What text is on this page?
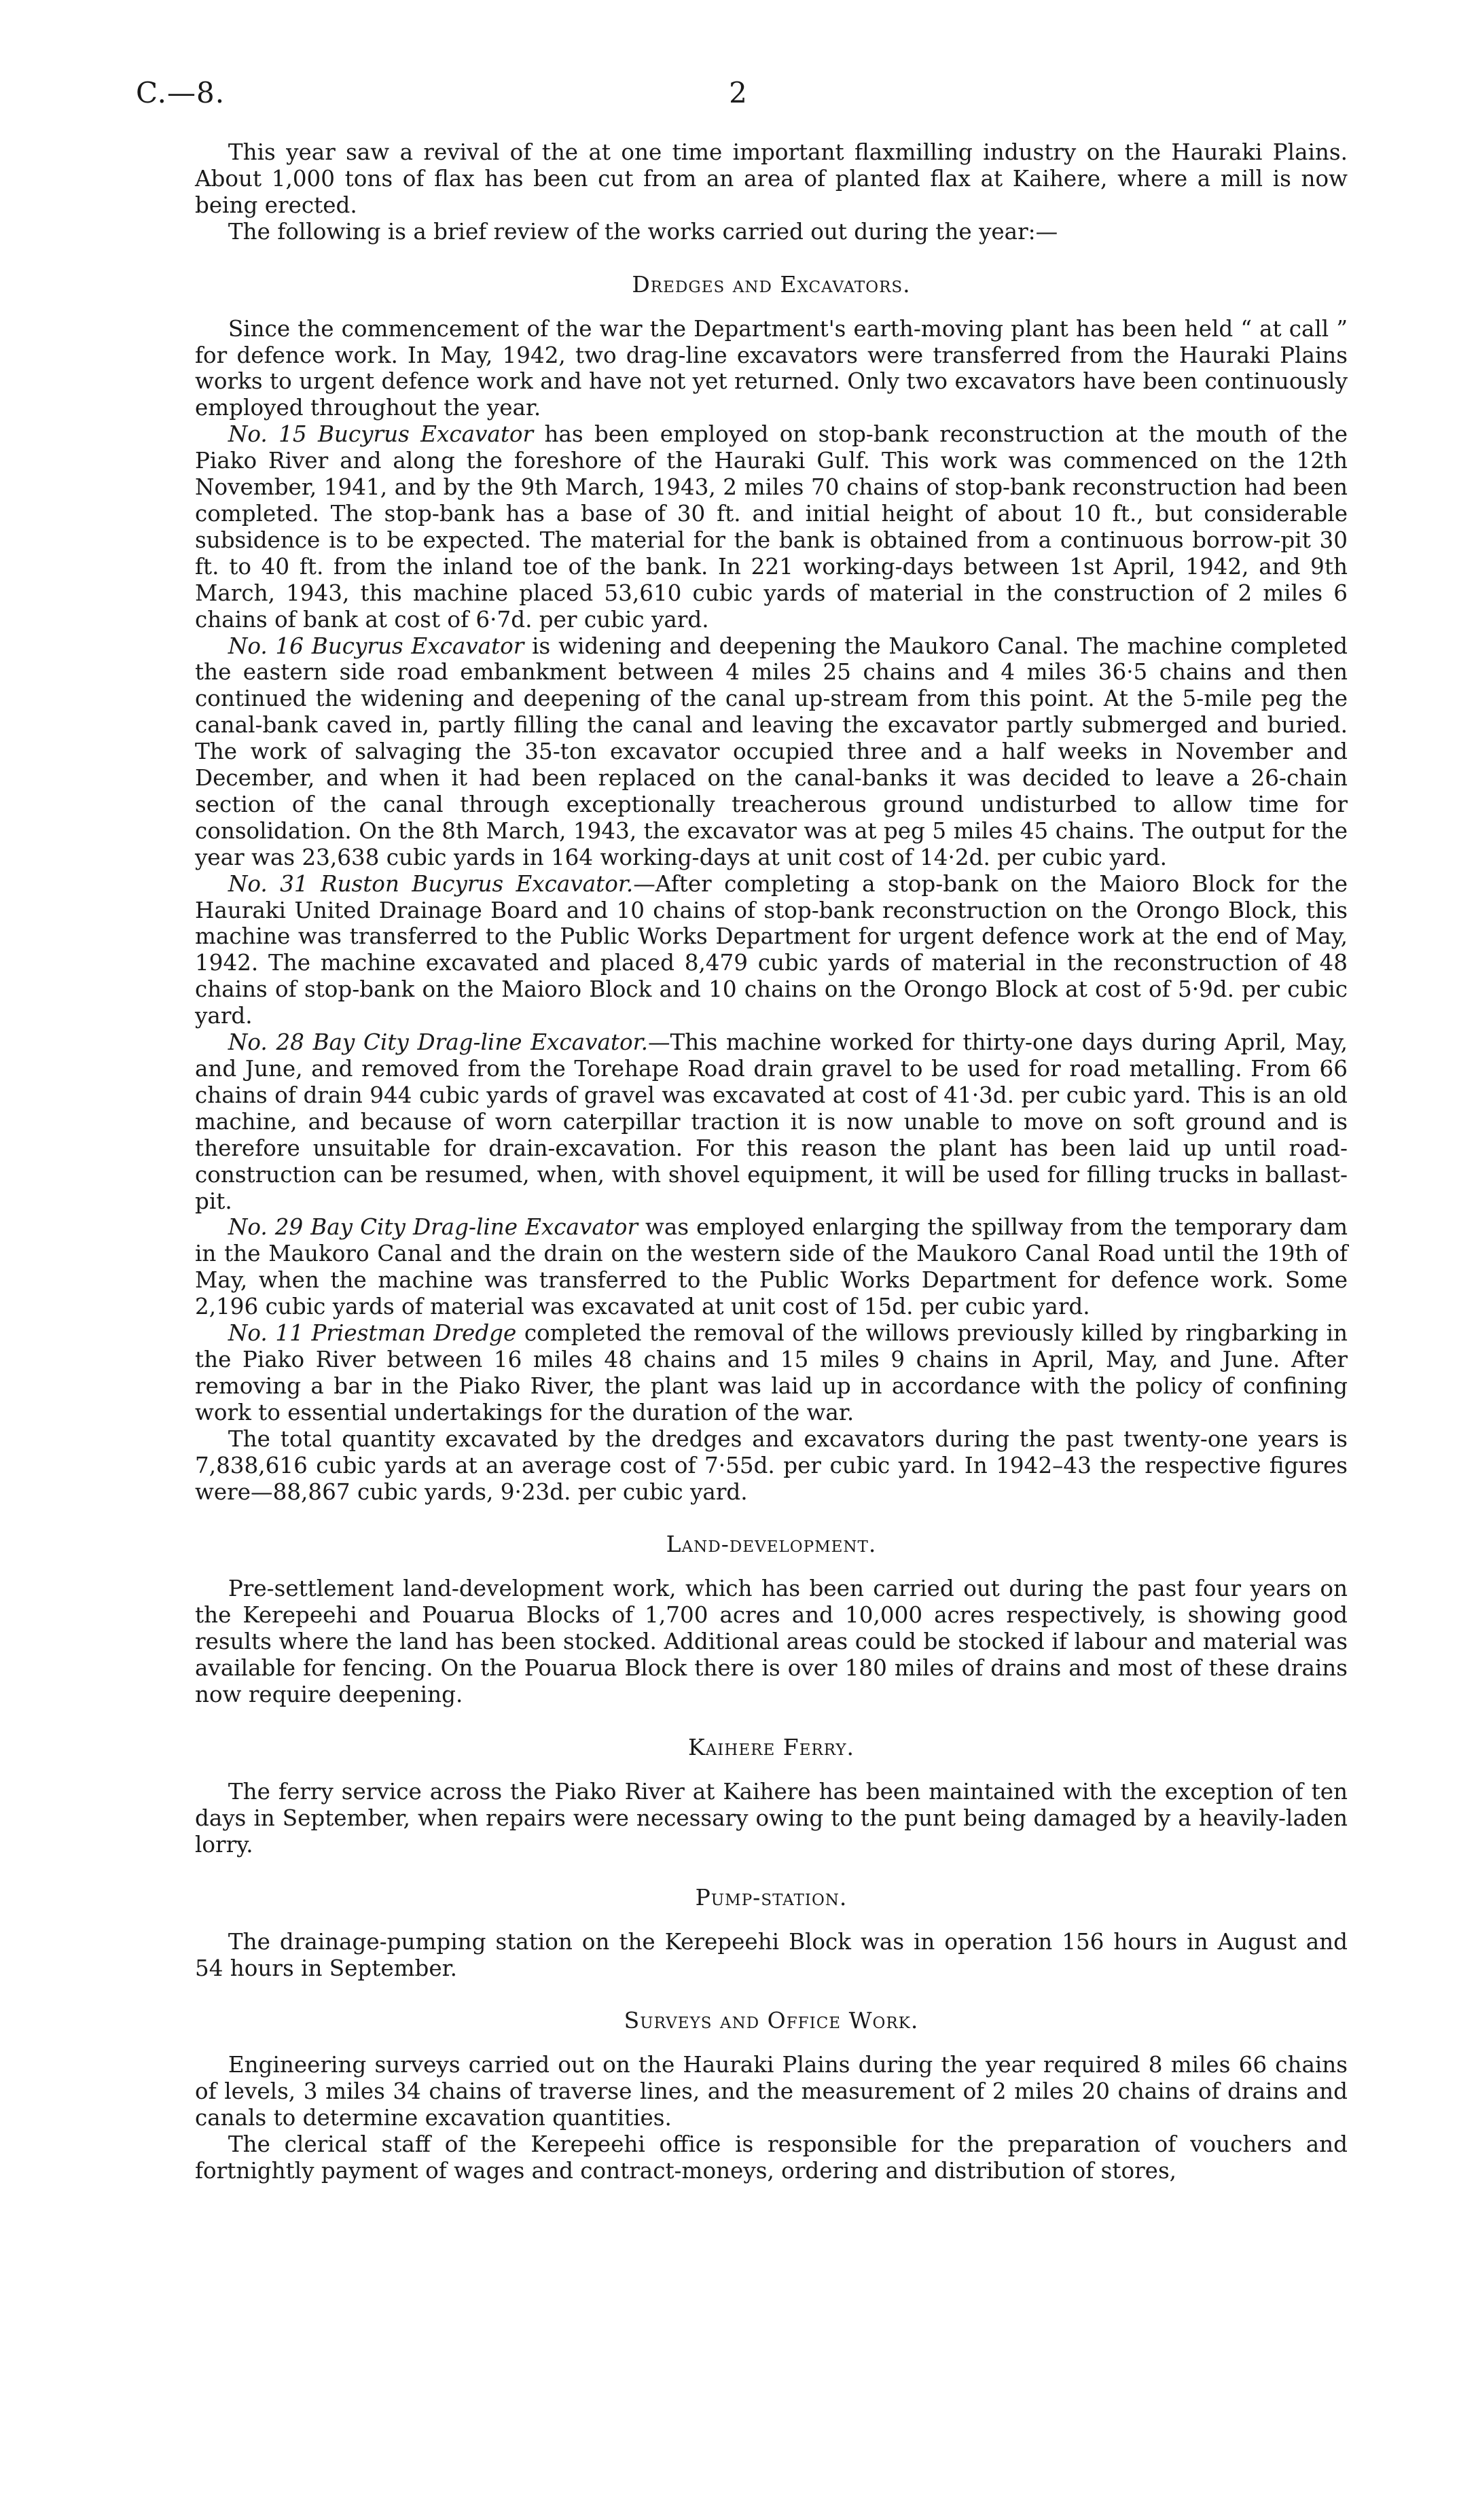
C.—8.	2

  This year saw a revival of the at one time important flaxmilling industry on the Hauraki Plains. About 1,000 tons of flax has been cut from an area of planted flax at Kaihere, where a mill is now being erected.

  The following is a brief review of the works carried out during the year:—

Dredges and Excavators.

  Since the commencement of the war the Department's earth-moving plant has been held “ at call ” for defence work. In May, 1942, two drag-line excavators were transferred from the Hauraki Plains works to urgent defence work and have not yet returned. Only two excavators have been continuously employed throughout the year.

  No. 15 Bucyrus Excavator has been employed on stop-bank reconstruction at the mouth of the Piako River and along the foreshore of the Hauraki Gulf. This work was commenced on the 12th November, 1941, and by the 9th March, 1943, 2 miles 70 chains of stop-bank reconstruction had been completed. The stop-bank has a base of 30 ft. and initial height of about 10 ft., but considerable subsidence is to be expected. The material for the bank is obtained from a continuous borrow-pit 30 ft. to 40 ft. from the inland toe of the bank. In 221 working-days between 1st April, 1942, and 9th March, 1943, this machine placed 53,610 cubic yards of material in the construction of 2 miles 6 chains of bank at cost of 6·7d. per cubic yard.

  No. 16 Bucyrus Excavator is widening and deepening the Maukoro Canal. The machine completed the eastern side road embankment between 4 miles 25 chains and 4 miles 36·5 chains and then continued the widening and deepening of the canal up-stream from this point. At the 5-mile peg the canal-bank caved in, partly filling the canal and leaving the excavator partly submerged and buried. The work of salvaging the 35-ton excavator occupied three and a half weeks in November and December, and when it had been replaced on the canal-banks it was decided to leave a 26-chain section of the canal through exceptionally treacherous ground undisturbed to allow time for consolidation. On the 8th March, 1943, the excavator was at peg 5 miles 45 chains. The output for the year was 23,638 cubic yards in 164 working-days at unit cost of 14·2d. per cubic yard.

  No. 31 Ruston Bucyrus Excavator.—After completing a stop-bank on the Maioro Block for the Hauraki United Drainage Board and 10 chains of stop-bank reconstruction on the Orongo Block, this machine was transferred to the Public Works Department for urgent defence work at the end of May, 1942. The machine excavated and placed 8,479 cubic yards of material in the reconstruction of 48 chains of stop-bank on the Maioro Block and 10 chains on the Orongo Block at cost of 5·9d. per cubic yard.

  No. 28 Bay City Drag-line Excavator.—This machine worked for thirty-one days during April, May, and June, and removed from the Torehape Road drain gravel to be used for road metalling. From 66 chains of drain 944 cubic yards of gravel was excavated at cost of 41·3d. per cubic yard. This is an old machine, and because of worn caterpillar traction it is now unable to move on soft ground and is therefore unsuitable for drain-excavation. For this reason the plant has been laid up until road-construction can be resumed, when, with shovel equipment, it will be used for filling trucks in ballast-pit.

  No. 29 Bay City Drag-line Excavator was employed enlarging the spillway from the temporary dam in the Maukoro Canal and the drain on the western side of the Maukoro Canal Road until the 19th of May, when the machine was transferred to the Public Works Department for defence work. Some 2,196 cubic yards of material was excavated at unit cost of 15d. per cubic yard.

  No. 11 Priestman Dredge completed the removal of the willows previously killed by ringbarking in the Piako River between 16 miles 48 chains and 15 miles 9 chains in April, May, and June. After removing a bar in the Piako River, the plant was laid up in accordance with the policy of confining work to essential undertakings for the duration of the war.

  The total quantity excavated by the dredges and excavators during the past twenty-one years is 7,838,616 cubic yards at an average cost of 7·55d. per cubic yard. In 1942–43 the respective figures were—88,867 cubic yards, 9·23d. per cubic yard.

Land-development.

  Pre-settlement land-development work, which has been carried out during the past four years on the Kerepeehi and Pouarua Blocks of 1,700 acres and 10,000 acres respectively, is showing good results where the land has been stocked. Additional areas could be stocked if labour and material was available for fencing. On the Pouarua Block there is over 180 miles of drains and most of these drains now require deepening.

Kaihere Ferry.

  The ferry service across the Piako River at Kaihere has been maintained with the exception of ten days in September, when repairs were necessary owing to the punt being damaged by a heavily-laden lorry.

Pump-station.

  The drainage-pumping station on the Kerepeehi Block was in operation 156 hours in August and 54 hours in September.

Surveys and Office Work.

  Engineering surveys carried out on the Hauraki Plains during the year required 8 miles 66 chains of levels, 3 miles 34 chains of traverse lines, and the measurement of 2 miles 20 chains of drains and canals to determine excavation quantities.

  The clerical staff of the Kerepeehi office is responsible for the preparation of vouchers and fortnightly payment of wages and contract-moneys, ordering and distribution of stores,
